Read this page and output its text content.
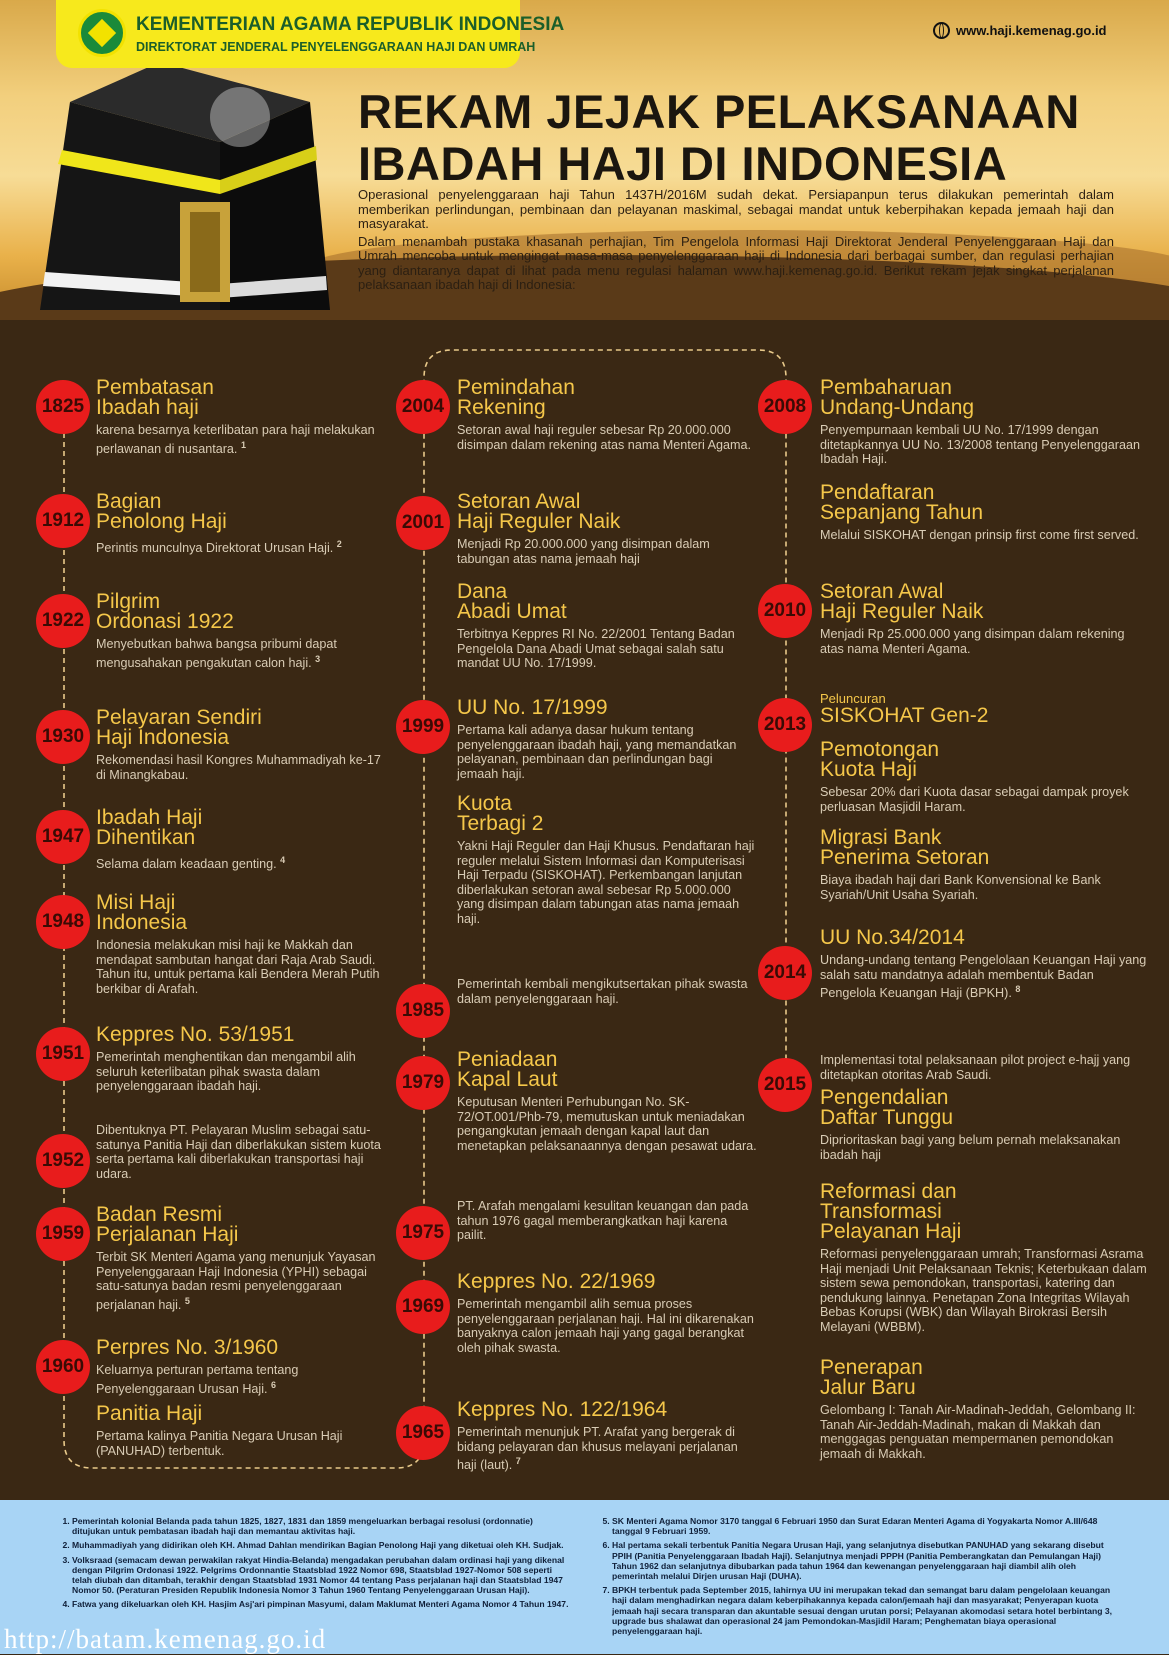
KEMENTERIAN AGAMA REPUBLIK INDONESIA
DIREKTORAT JENDERAL PENYELENGGARAAN HAJI DAN UMRAH
www.haji.kemenag.go.id
REKAM JEJAK PELAKSANAAN
IBADAH HAJI DI INDONESIA

Operasional penyelenggaraan haji Tahun 1437H/2016M sudah dekat. Persiapanpun terus dilakukan pemerintah dalam memberikan perlindungan, pembinaan dan pelayanan maskimal, sebagai mandat untuk keberpihakan kepada jemaah haji dan masyarakat.

Dalam menambah pustaka khasanah perhajian, Tim Pengelola Informasi Haji Direktorat Jenderal Penyelenggaraan Haji dan Umrah mencoba untuk mengingat masa-masa penyelenggaraan haji di Indonesia dari berbagai sumber, dan regulasi perhajian yang diantaranya dapat di lihat pada menu regulasi halaman www.haji.kemenag.go.id. Berikut rekam jejak singkat perjalanan pelaksanaan ibadah haji di Indonesia:

1825
Pembatasan
Ibadah haji
karena besarnya keterlibatan para haji melakukan perlawanan di nusantara. $^1$
1912
Bagian
Penolong Haji
Perintis munculnya Direktorat Urusan Haji. $^2$
1922
Pilgrim
Ordonasi 1922
Menyebutkan bahwa bangsa pribumi dapat mengusahakan pengakutan calon haji. $^3$
1930
Pelayaran Sendiri
Haji Indonesia
Rekomendasi hasil Kongres Muhammadiyah ke-17 di Minangkabau.
1947
Ibadah Haji
Dihentikan
Selama dalam keadaan genting. $^4$
1948
Misi Haji
Indonesia
Indonesia melakukan misi haji ke Makkah dan mendapat sambutan hangat dari Raja Arab Saudi. Tahun itu, untuk pertama kali Bendera Merah Putih berkibar di Arafah.
1951
Keppres No. 53/1951
Pemerintah menghentikan dan mengambil alih seluruh keterlibatan pihak swasta dalam penyelenggaraan ibadah haji.
1952
Dibentuknya PT. Pelayaran Muslim sebagai satu-satunya Panitia Haji dan diberlakukan sistem kuota serta pertama kali diberlakukan transportasi haji udara.
1959
Badan Resmi
Perjalanan Haji
Terbit SK Menteri Agama yang menunjuk Yayasan Penyelenggaraan Haji Indonesia (YPHI) sebagai satu-satunya badan resmi penyelenggaraan perjalanan haji. $^5$
1960
Perpres No. 3/1960
Keluarnya perturan pertama tentang Penyelenggaraan Urusan Haji. $^6$
Panitia Haji
Pertama kalinya Panitia Negara Urusan Haji (PANUHAD) terbentuk.
2004
Pemindahan
Rekening
Setoran awal haji reguler sebesar Rp 20.000.000 disimpan dalam rekening atas nama Menteri Agama.
2001
Setoran Awal
Haji Reguler Naik
Menjadi Rp 20.000.000 yang disimpan dalam tabungan atas nama jemaah haji
Dana
Abadi Umat
Terbitnya Keppres RI No. 22/2001 Tentang Badan Pengelola Dana Abadi Umat sebagai salah satu mandat UU No. 17/1999.
1999
UU No. 17/1999
Pertama kali adanya dasar hukum tentang penyelenggaraan ibadah haji, yang memandatkan pelayanan, pembinaan dan perlindungan bagi jemaah haji.
Kuota
Terbagi 2
Yakni Haji Reguler dan Haji Khusus. Pendaftaran haji reguler melalui Sistem Informasi dan Komputerisasi Haji Terpadu (SISKOHAT). Perkembangan lanjutan diberlakukan setoran awal sebesar Rp 5.000.000 yang disimpan dalam tabungan atas nama jemaah haji.
1985
Pemerintah kembali mengikutsertakan pihak swasta dalam penyelenggaraan haji.
1979
Peniadaan
Kapal Laut
Keputusan Menteri Perhubungan No. SK-72/OT.001/Phb-79, memutuskan untuk meniadakan pengangkutan jemaah dengan kapal laut dan menetapkan pelaksanaannya dengan pesawat udara.
1975
PT. Arafah mengalami kesulitan keuangan dan pada tahun 1976 gagal memberangkatkan haji karena pailit.
1969
Keppres No. 22/1969
Pemerintah mengambil alih semua proses penyelenggaraan perjalanan haji. Hal ini dikarenakan banyaknya calon jemaah haji yang gagal berangkat oleh pihak swasta.
1965
Keppres No. 122/1964
Pemerintah menunjuk PT. Arafat yang bergerak di bidang pelayaran dan khusus melayani perjalanan haji (laut). $^7$
2008
Pembaharuan
Undang-Undang
Penyempurnaan kembali UU No. 17/1999 dengan ditetapkannya UU No. 13/2008 tentang Penyelenggaraan Ibadah Haji.
Pendaftaran
Sepanjang Tahun
Melalui SISKOHAT dengan prinsip first come first served.
2010
Setoran Awal
Haji Reguler Naik
Menjadi Rp 25.000.000 yang disimpan dalam rekening atas nama Menteri Agama.
2013
Peluncuran
SISKOHAT Gen-2
Pemotongan
Kuota Haji
Sebesar 20% dari Kuota dasar sebagai dampak proyek perluasan Masjidil Haram.
Migrasi Bank
Penerima Setoran
Biaya ibadah haji dari Bank Konvensional ke Bank Syariah/Unit Usaha Syariah.
2014
UU No.34/2014
Undang-undang tentang Pengelolaan Keuangan Haji yang salah satu mandatnya adalah membentuk Badan Pengelola Keuangan Haji (BPKH). $^8$
2015
Implementasi total pelaksanaan pilot project e-hajj yang ditetapkan otoritas Arab Saudi.
Pengendalian
Daftar Tunggu
Diprioritaskan bagi yang belum pernah melaksanakan ibadah haji
Reformasi dan
Transformasi
Pelayanan Haji
Reformasi penyelenggaraan umrah; Transformasi Asrama Haji menjadi Unit Pelaksanaan Teknis; Keterbukaan dalam sistem sewa pemondokan, transportasi, katering dan pendukung lainnya. Penetapan Zona Integritas Wilayah Bebas Korupsi (WBK) dan Wilayah Birokrasi Bersih Melayani (WBBM).
Penerapan
Jalur Baru
Gelombang I: Tanah Air-Madinah-Jeddah, Gelombang II: Tanah Air-Jeddah-Madinah, makan di Makkah dan menggagas penguatan mempermanen pemondokan jemaah di Makkah.
1. Pemerintah kolonial Belanda pada tahun 1825, 1827, 1831 dan 1859 mengeluarkan berbagai resolusi (ordonnatie) ditujukan untuk pembatasan ibadah haji dan memantau aktivitas haji.
2. Muhammadiyah yang didirikan oleh KH. Ahmad Dahlan mendirikan Bagian Penolong Haji yang diketuai oleh KH. Sudjak.
3. Volksraad (semacam dewan perwakilan rakyat Hindia-Belanda) mengadakan perubahan dalam ordinasi haji yang dikenal dengan Pilgrim Ordonasi 1922. Pelgrims Ordonnantie Staatsblad 1922 Nomor 698, Staatsblad 1927-Nomor 508 seperti telah diubah dan ditambah, terakhir dengan Staatsblad 1931 Nomor 44 tentang Pass perjalanan haji dan Staatsblad 1947 Nomor 50. (Peraturan Presiden Republik Indonesia Nomor 3 Tahun 1960 Tentang Penyelenggaraan Urusan Haji).
4. Fatwa yang dikeluarkan oleh KH. Hasjim Asj'ari pimpinan Masyumi, dalam Maklumat Menteri Agama Nomor 4 Tahun 1947.
5. SK Menteri Agama Nomor 3170 tanggal 6 Februari 1950 dan Surat Edaran Menteri Agama di Yogyakarta Nomor A.III/648 tanggal 9 Februari 1959.
6. Hal pertama sekali terbentuk Panitia Negara Urusan Haji, yang selanjutnya disebutkan PANUHAD yang sekarang disebut PPIH (Panitia Penyelenggaraan Ibadah Haji). Selanjutnya menjadi PPPH (Panitia Pemberangkatan dan Pemulangan Haji) Tahun 1962 dan selanjutnya dibubarkan pada tahun 1964 dan kewenangan penyelenggaraan haji diambil alih oleh pemerintah melalui Dirjen urusan Haji (DUHA).
7. BPKH terbentuk pada September 2015, lahirnya UU ini merupakan tekad dan semangat baru dalam pengelolaan keuangan haji dalam menghadirkan negara dalam keberpihakannya kepada calon/jemaah haji dan masyarakat; Penyerapan kuota jemaah haji secara transparan dan akuntable sesuai dengan urutan porsi; Pelayanan akomodasi setara hotel berbintang 3, upgrade bus shalawat dan operasional 24 jam Pemondokan-Masjidil Haram; Penghematan biaya operasional penyelenggaraan haji.
http://batam.kemenag.go.id
